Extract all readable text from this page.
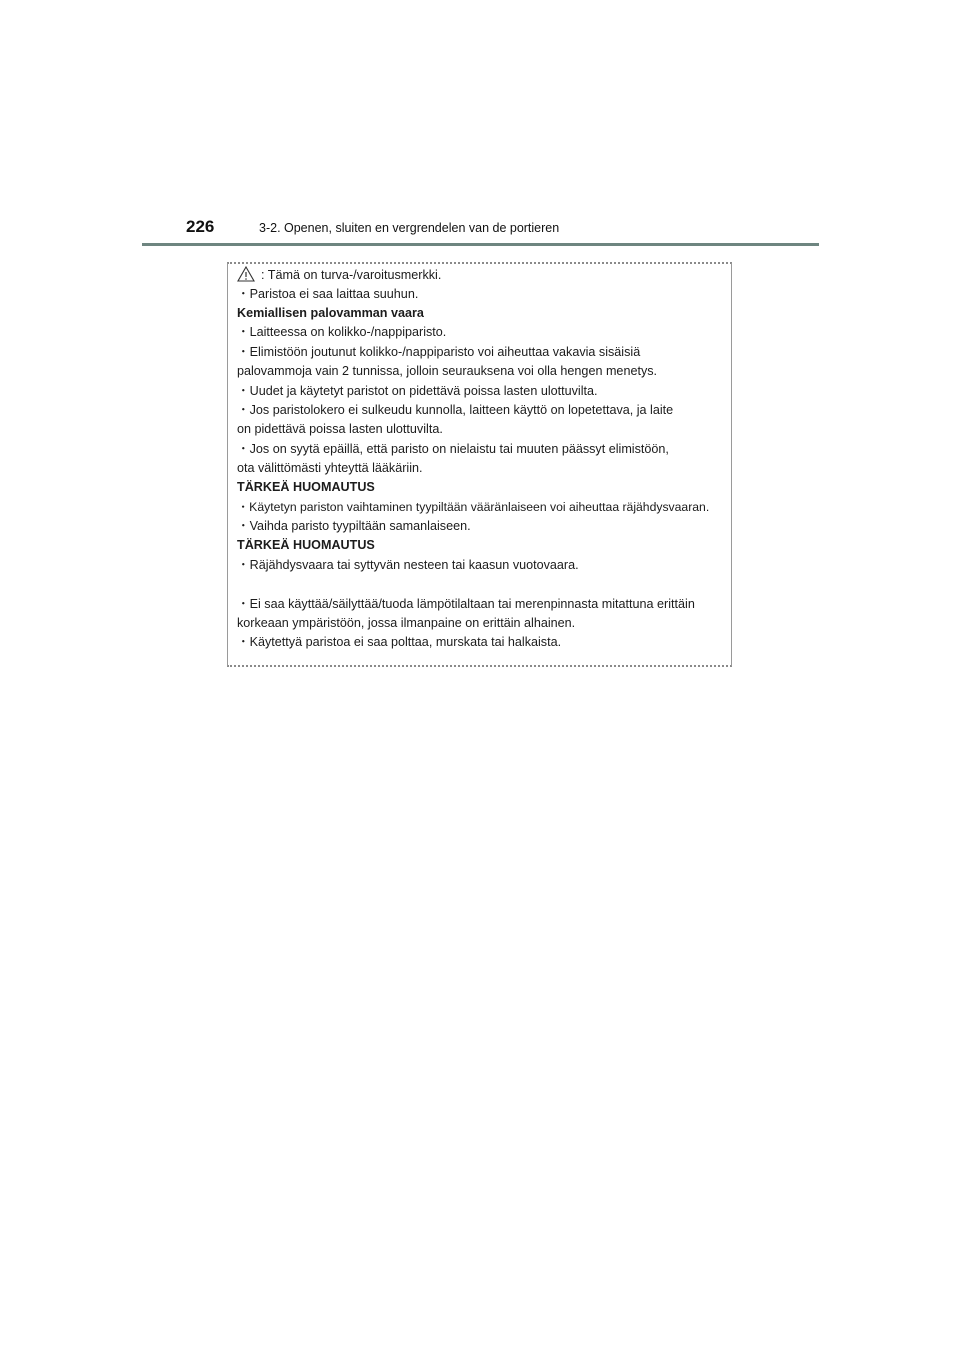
226	3-2. Openen, sluiten en vergrendelen van de portieren
: Tämä on turva-/varoitusmerkki.
・Paristoa ei saa laittaa suuhun.
Kemiallisen palovamman vaara
・Laitteessa on kolikko-/nappiparisto.
・Elimistöön joutunut kolikko-/nappiparisto voi aiheuttaa vakavia sisäisiä
palovammoja vain 2 tunnissa, jolloin seurauksena voi olla hengen menetys.
・Uudet ja käytetyt paristot on pidettävä poissa lasten ulottuvilta.
・Jos paristolokero ei sulkeudu kunnolla, laitteen käyttö on lopetettava, ja laite
on pidettävä poissa lasten ulottuvilta.
・Jos on syytä epäillä, että paristo on nielaistu tai muuten päässyt elimistöön,
ota välittömästi yhteyttä lääkäriin.
TÄRKEÄ HUOMAUTUS
・Käytetyn pariston vaihtaminen tyypiltään vääränlaiseen voi aiheuttaa räjähdysvaaran.
・Vaihda paristo tyypiltään samanlaiseen.
TÄRKEÄ HUOMAUTUS
・Räjähdysvaara tai syttyvän nesteen tai kaasun vuotovaara.
・Ei saa käyttää/säilyttää/tuoda lämpötilaltaan tai merenpinnasta mitattuna erittäin
korkeaan ympäristöön, jossa ilmanpaine on erittäin alhainen.
・Käytettyä paristoa ei saa polttaa, murskata tai halkaista.
